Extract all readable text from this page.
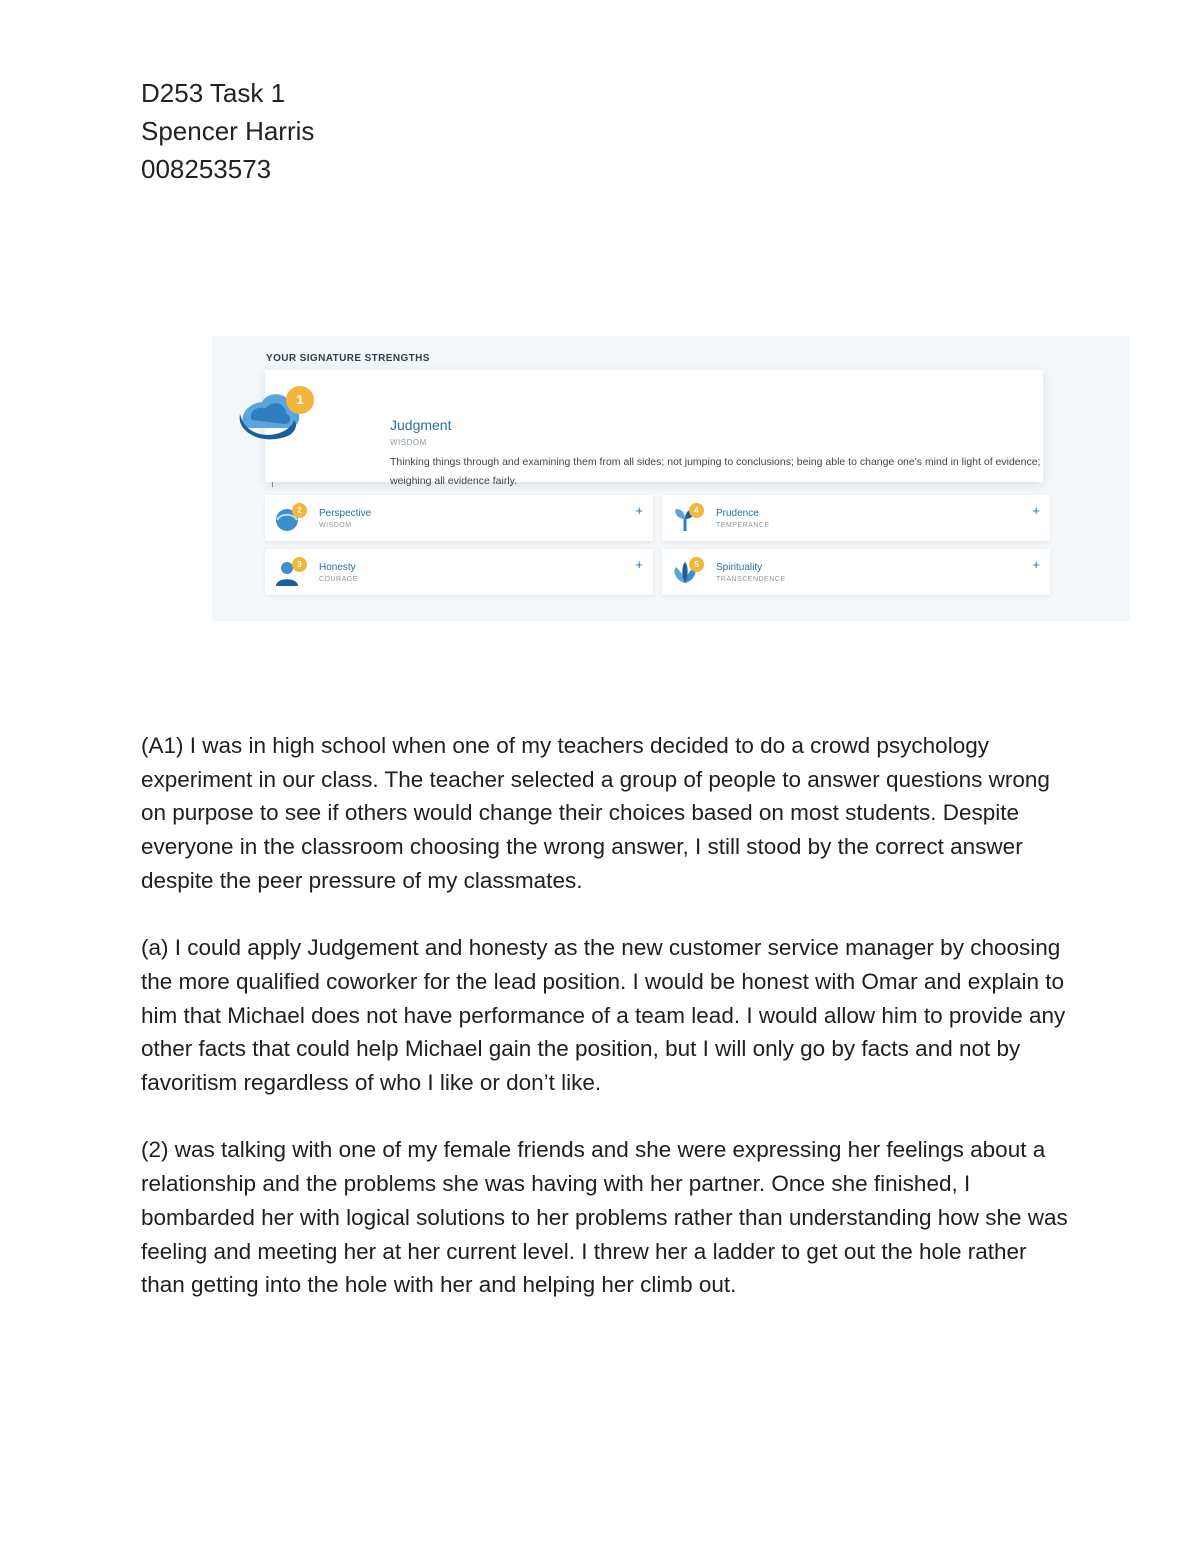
D253 Task 1
Spencer Harris
008253573
YOUR SIGNATURE STRENGTHS
Judgment
WISDOM
Thinking things through and examining them from all sides; not jumping to conclusions; being able to change one's mind in light of evidence; weighing all evidence fairly.
1
2	Perspective
WISDOM
+	4	Prudence
TEMPERANCE
+
3	Honesty
COURAGE
+	5	Spirituality
TRANSCENDENCE
+

(A1) I was in high school when one of my teachers decided to do a crowd psychology experiment in our class. The teacher selected a group of people to answer questions wrong on purpose to see if others would change their choices based on most students. Despite everyone in the classroom choosing the wrong answer, I still stood by the correct answer despite the peer pressure of my classmates.

(a) I could apply Judgement and honesty as the new customer service manager by choosing the more qualified coworker for the lead position. I would be honest with Omar and explain to him that Michael does not have performance of a team lead. I would allow him to provide any other facts that could help Michael gain the position, but I will only go by facts and not by favoritism regardless of who I like or don’t like.

(2) was talking with one of my female friends and she were expressing her feelings about a relationship and the problems she was having with her partner. Once she finished, I bombarded her with logical solutions to her problems rather than understanding how she was feeling and meeting her at her current level. I threw her a ladder to get out the hole rather than getting into the hole with her and helping her climb out.
